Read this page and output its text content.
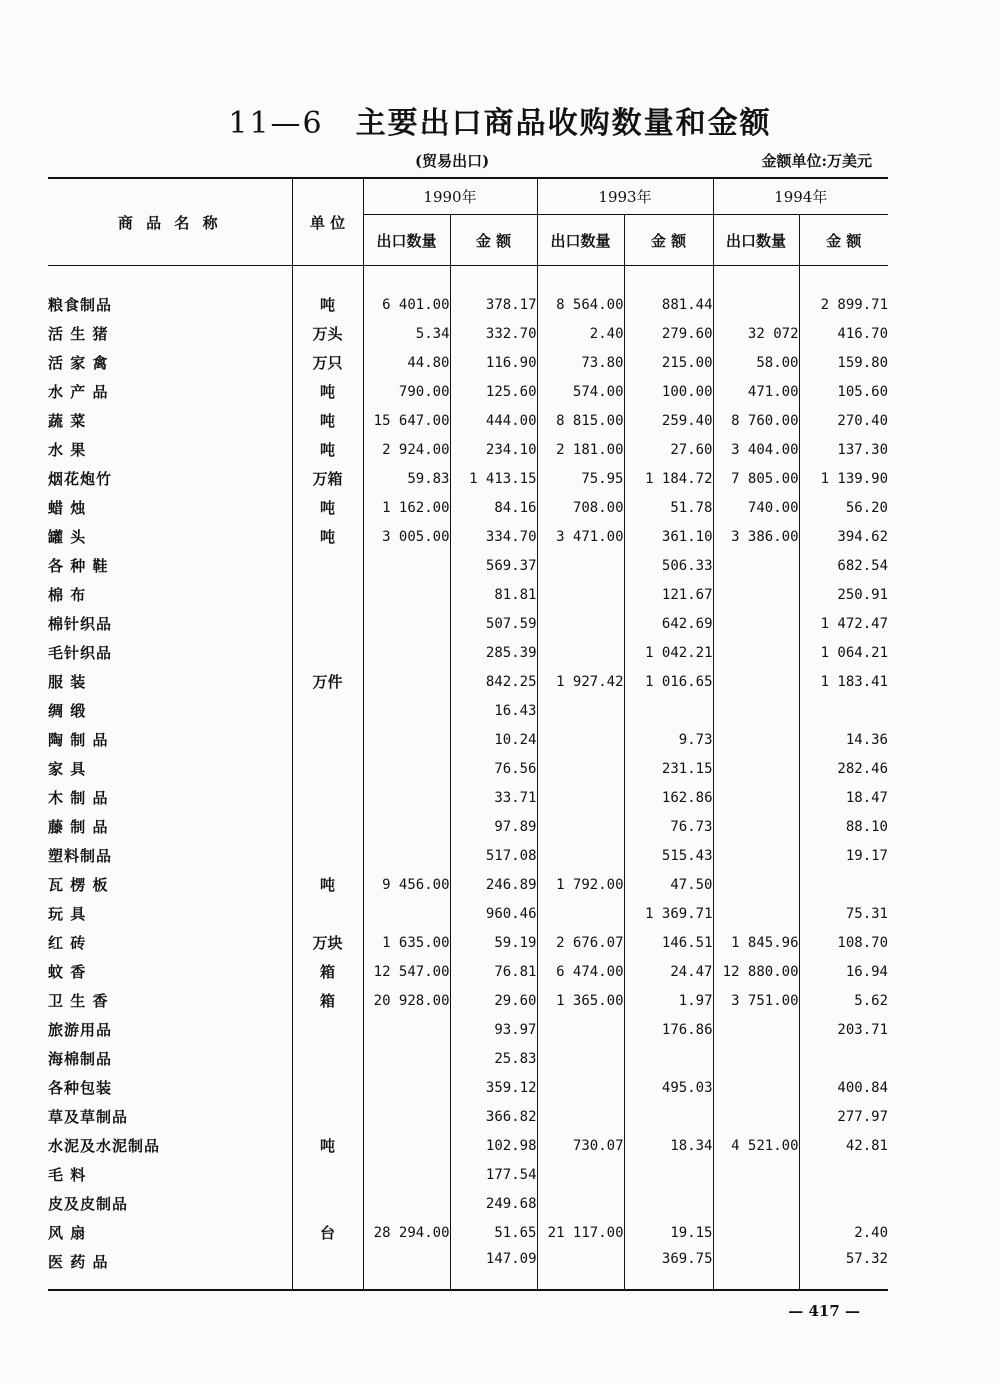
11—6 主要出口商品收购数量和金额
(贸易出口)	金额单位:万美元
商 品 名 称	单 位	1990年		1993年		1994年	
		出口数量	金 额	出口数量	金 额	出口数量	金 额

粮食制品	吨	6 401.00	378.17	8 564.00	881.44		2 899.71
活 生 猪	万头	5.34	332.70	2.40	279.60	32 072	416.70
活 家 禽	万只	44.80	116.90	73.80	215.00	58.00	159.80
水 产 品	吨	790.00	125.60	574.00	100.00	471.00	105.60
蔬 菜	吨	15 647.00	444.00	8 815.00	259.40	8 760.00	270.40
水 果	吨	2 924.00	234.10	2 181.00	27.60	3 404.00	137.30
烟花炮竹	万箱	59.83	1 413.15	75.95	1 184.72	7 805.00	1 139.90
蜡 烛	吨	1 162.00	84.16	708.00	51.78	740.00	56.20
罐 头	吨	3 005.00	334.70	3 471.00	361.10	3 386.00	394.62
各 种 鞋			569.37		506.33		682.54
棉 布			81.81		121.67		250.91
棉针织品			507.59		642.69		1 472.47
毛针织品			285.39		1 042.21		1 064.21
服 装	万件		842.25	1 927.42	1 016.65		1 183.41
绸 缎			16.43				
陶 制 品			10.24		9.73		14.36
家 具			76.56		231.15		282.46
木 制 品			33.71		162.86		18.47
藤 制 品			97.89		76.73		88.10
塑料制品			517.08		515.43		19.17
瓦 楞 板	吨	9 456.00	246.89	1 792.00	47.50		
玩 具			960.46		1 369.71		75.31
红 砖	万块	1 635.00	59.19	2 676.07	146.51	1 845.96	108.70
蚊 香	箱	12 547.00	76.81	6 474.00	24.47	12 880.00	16.94
卫 生 香	箱	20 928.00	29.60	1 365.00	1.97	3 751.00	5.62
旅游用品			93.97		176.86		203.71
海棉制品			25.83				
各种包装			359.12		495.03		400.84
草及草制品			366.82				277.97
水泥及水泥制品	吨		102.98	730.07	18.34	4 521.00	42.81
毛 料			177.54				
皮及皮制品			249.68				
风 扇	台	28 294.00	51.65	21 117.00	19.15		2.40
医 药 品			147.09		369.75		57.32
— 417 —
